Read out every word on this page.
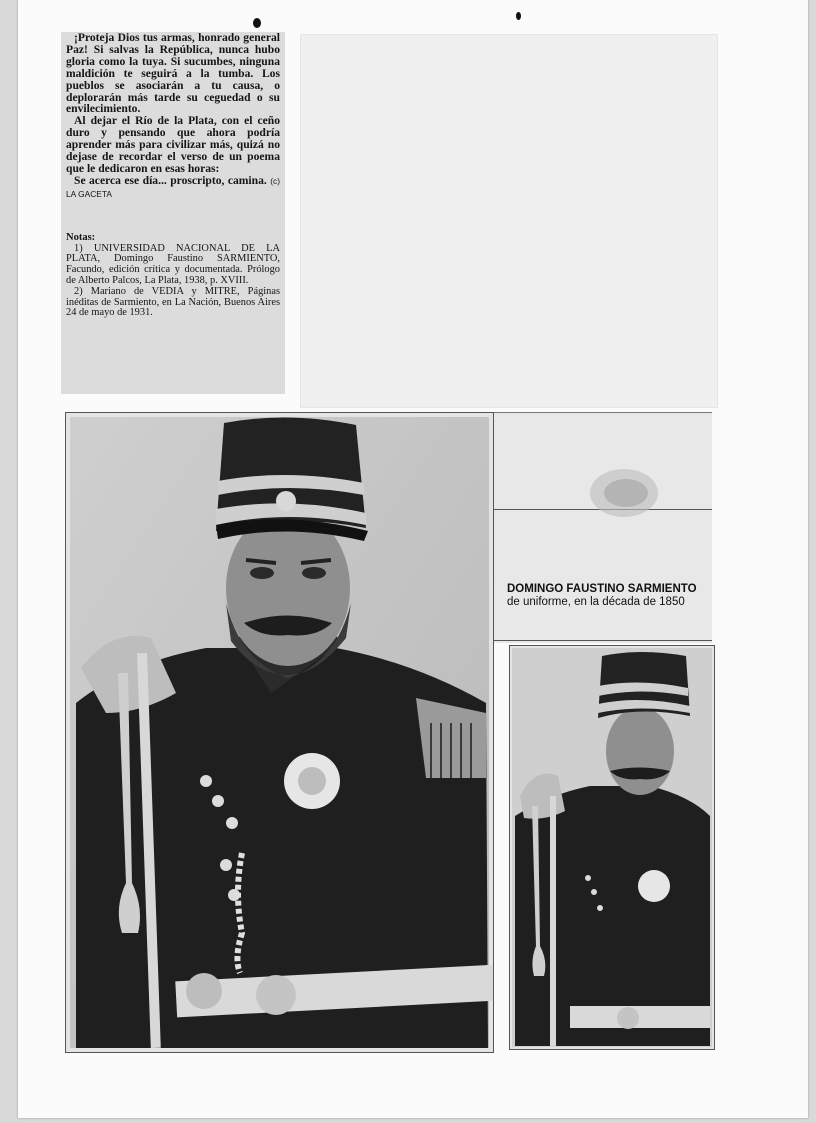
¡Proteja Dios tus armas, honrado general Paz! Si salvas la República, nunca hubo gloria como la tuya. Si sucumbes, ninguna maldición te seguirá a la tumba. Los pueblos se asociarán a tu causa, o deplorarán más tarde su ceguedad o su envilecimiento.

Al dejar el Río de la Plata, con el ceño duro y pensando que ahora podría aprender más para civilizar más, quizá no dejase de recordar el verso de un poema que le dedicaron en esas horas:

Se acerca ese día... proscripto, camina. (c) LA GACETA

Notas:

1) UNIVERSIDAD NACIONAL DE LA PLATA, Domingo Faustino SARMIENTO, Facundo, edición crítica y documentada. Prólogo de Alberto Palcos, La Plata, 1938, p. XVIII.

2) Mariano de VEDIA y MITRE, Páginas inéditas de Sarmiento, en La Nación, Buenos Aires 24 de mayo de 1931.

DOMINGO FAUSTINO SARMIENTO
de uniforme, en la década de 1850
